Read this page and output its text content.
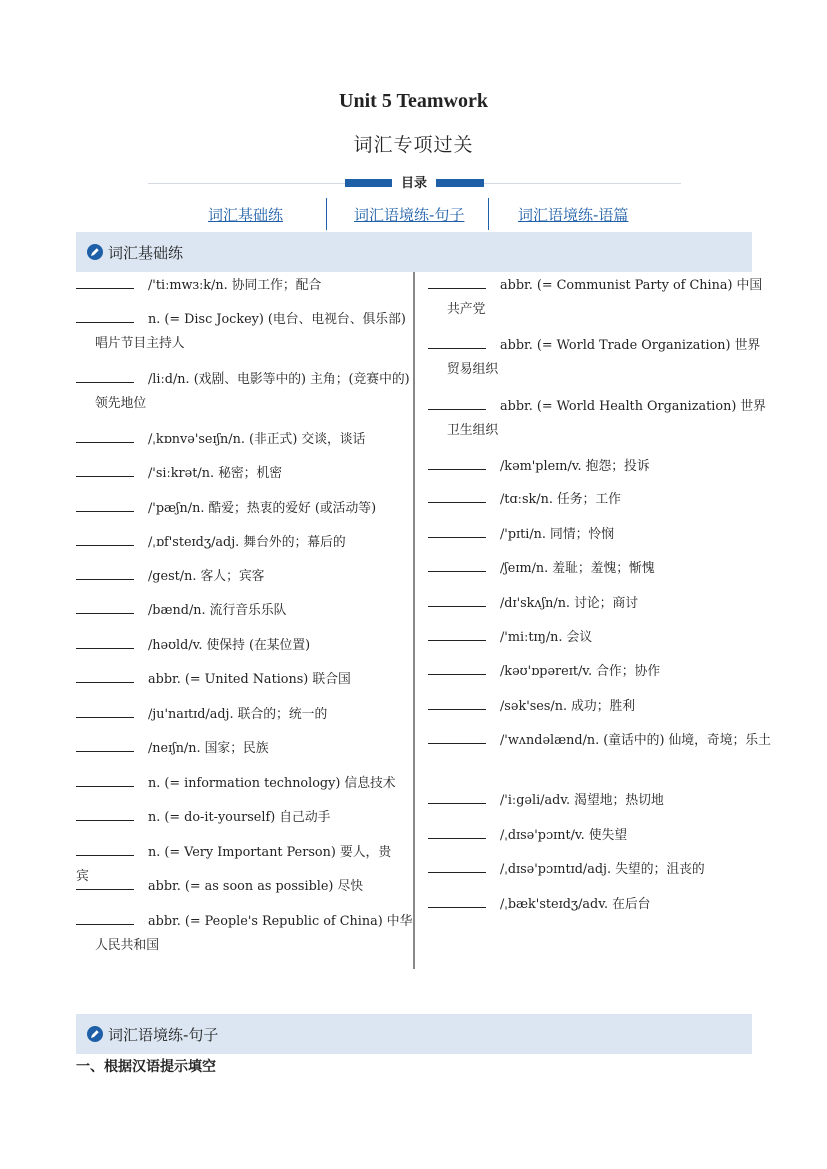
Unit 5 Teamwork
词汇专项过关
目录
词汇基础练	词汇语境练-句子	词汇语境练-语篇
词汇基础练
/'tiːmwɜːk/n. 协同工作；配合
n. (= Disc Jockey) (电台、电视台、俱乐部) 唱片节目主持人
/liːd/n. (戏剧、电影等中的) 主角；(竞赛中的) 领先地位
/ˌkɒnvə'seɪʃn/n. (非正式) 交谈，谈话
/'siːkrət/n. 秘密；机密
/'pæʃn/n. 酷爱；热衷的爱好 (或活动等)
/ˌɒf'steɪdʒ/adj. 舞台外的；幕后的
/gest/n. 客人；宾客
/bænd/n. 流行音乐乐队
/həʊld/v. 使保持 (在某位置)
abbr. (= United Nations) 联合国
/ju'naɪtɪd/adj. 联合的；统一的
/neɪʃn/n. 国家；民族
n. (= information technology) 信息技术
n. (= do-it-yourself) 自己动手
n. (= Very Important Person) 要人，贵宾
abbr. (= as soon as possible) 尽快
abbr. (= People's Republic of China) 中华人民共和国
abbr. (= Communist Party of China) 中国共产党
abbr. (= World Trade Organization) 世界贸易组织
abbr. (= World Health Organization) 世界卫生组织
/kəm'pleɪn/v. 抱怨；投诉
/tɑːsk/n. 任务；工作
/'pɪti/n. 同情；怜悯
/ʃeɪm/n. 羞耻；羞愧；惭愧
/dɪ'skʌʃn/n. 讨论；商讨
/'miːtɪŋ/n. 会议
/kəʊ'ɒpəreɪt/v. 合作；协作
/sək'ses/n. 成功；胜利
/'wʌndəlænd/n. (童话中的) 仙境，奇境；乐土
/'iːgəli/adv. 渴望地；热切地
/ˌdɪsə'pɔɪnt/v. 使失望
/ˌdɪsə'pɔɪntɪd/adj. 失望的；沮丧的
/ˌbæk'steɪdʒ/adv. 在后台
词汇语境练-句子
一、根据汉语提示填空
